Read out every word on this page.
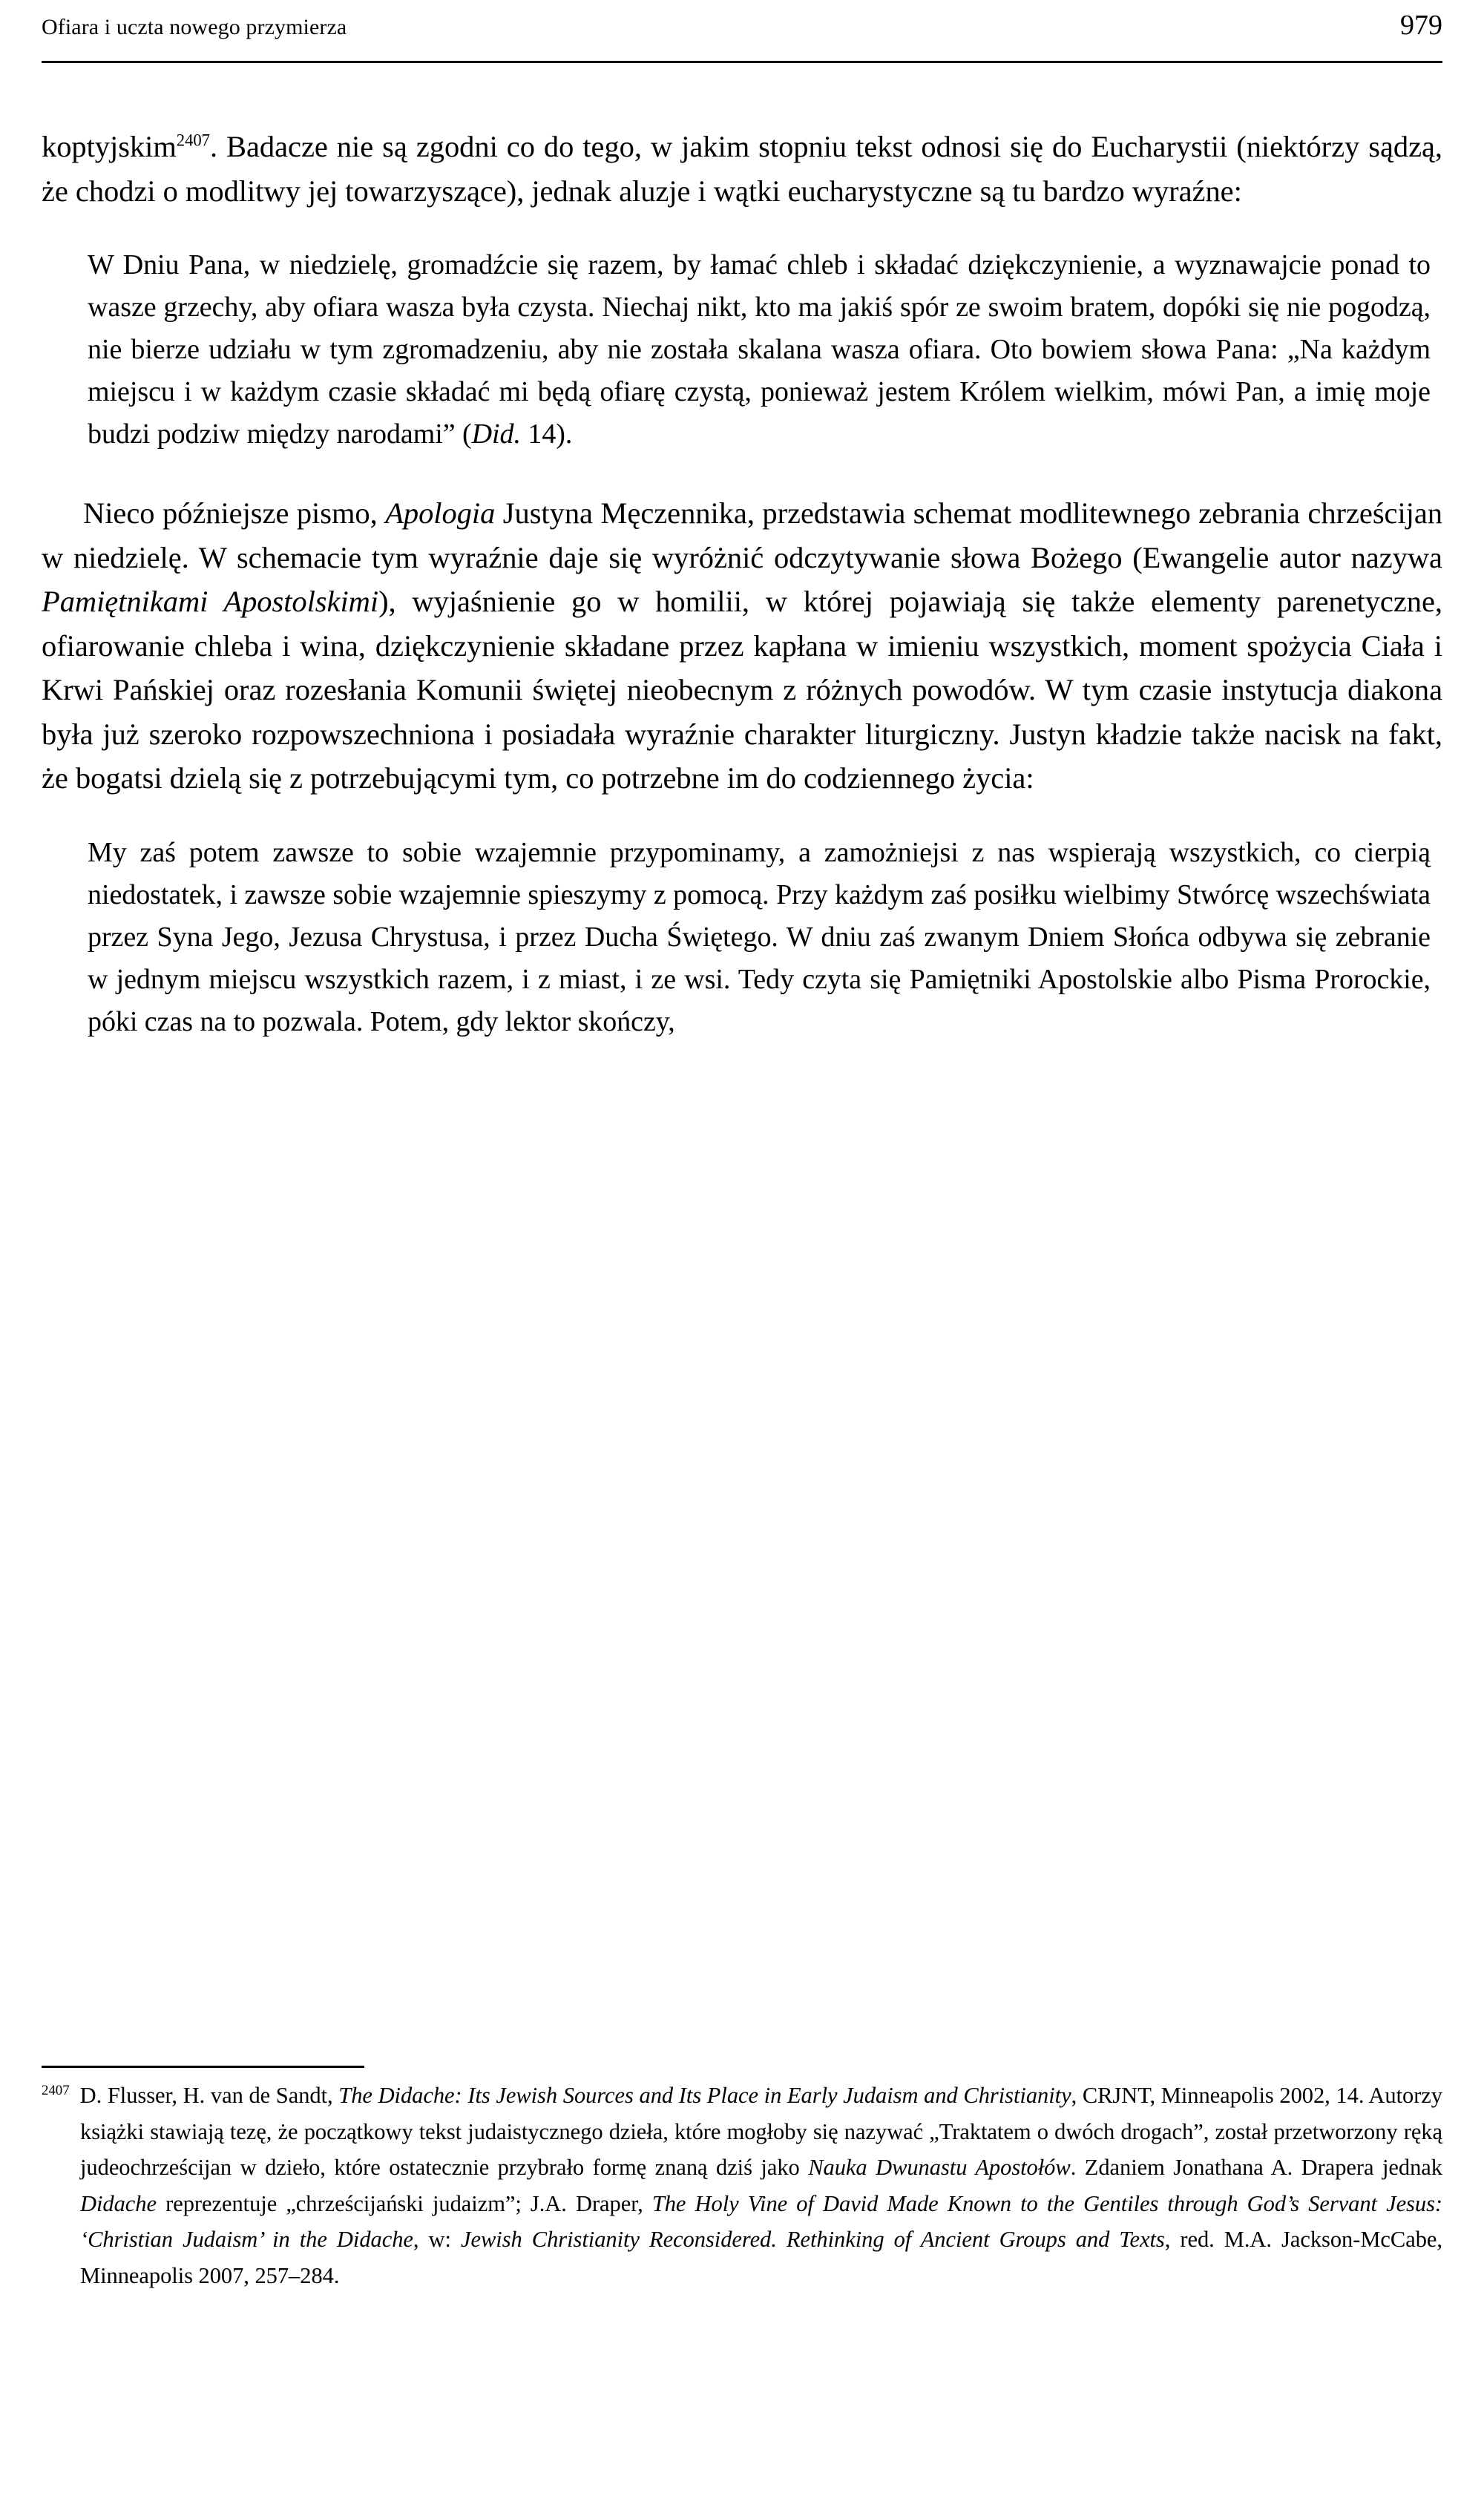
Ofiara i uczta nowego przymierza	979

koptyjskim$^{2407}$. Badacze nie są zgodni co do tego, w jakim stopniu tekst odnosi się do Eucharystii (niektórzy sądzą, że chodzi o modlitwy jej towarzyszące), jednak aluzje i wątki eucharystyczne są tu bardzo wyraźne:

W Dniu Pana, w niedzielę, gromadźcie się razem, by łamać chleb i składać dziękczynienie, a wyznawajcie ponad to wasze grzechy, aby ofiara wasza była czysta. Niechaj nikt, kto ma jakiś spór ze swoim bratem, dopóki się nie pogodzą, nie bierze udziału w tym zgromadzeniu, aby nie została skalana wasza ofiara. Oto bowiem słowa Pana: „Na każdym miejscu i w każdym czasie składać mi będą ofiarę czystą, ponieważ jestem Królem wielkim, mówi Pan, a imię moje budzi podziw między narodami” (Did. 14).

Nieco późniejsze pismo, Apologia Justyna Męczennika, przedstawia schemat modlitewnego zebrania chrześcijan w niedzielę. W schemacie tym wyraźnie daje się wyróżnić odczytywanie słowa Bożego (Ewangelie autor nazywa Pamiętnikami Apostolskimi), wyjaśnienie go w homilii, w której pojawiają się także elementy parenetyczne, ofiarowanie chleba i wina, dziękczynienie składane przez kapłana w imieniu wszystkich, moment spożycia Ciała i Krwi Pańskiej oraz rozesłania Komunii świętej nieobecnym z różnych powodów. W tym czasie instytucja diakona była już szeroko rozpowszechniona i posiadała wyraźnie charakter liturgiczny. Justyn kładzie także nacisk na fakt, że bogatsi dzielą się z potrzebującymi tym, co potrzebne im do codziennego życia:

My zaś potem zawsze to sobie wzajemnie przypominamy, a zamożniejsi z nas wspierają wszystkich, co cierpią niedostatek, i zawsze sobie wzajemnie spieszymy z pomocą. Przy każdym zaś posiłku wielbimy Stwórcę wszechświata przez Syna Jego, Jezusa Chrystusa, i przez Ducha Świętego. W dniu zaś zwanym Dniem Słońca odbywa się zebranie w jednym miejscu wszystkich razem, i z miast, i ze wsi. Tedy czyta się Pamiętniki Apostolskie albo Pisma Prorockie, póki czas na to pozwala. Potem, gdy lektor skończy,

$^{2407}$ D. Flusser, H. van de Sandt, The Didache: Its Jewish Sources and Its Place in Early Judaism and Christianity, CRJNT, Minneapolis 2002, 14. Autorzy książki stawiają tezę, że początkowy tekst judaistycznego dzieła, które mogłoby się nazywać „Traktatem o dwóch drogach”, został przetworzony ręką judeochrześcijan w dzieło, które ostatecznie przybrało formę znaną dziś jako Nauka Dwunastu Apostołów. Zdaniem Jonathana A. Drapera jednak Didache reprezentuje „chrześcijański judaizm”; J.A. Draper, The Holy Vine of David Made Known to the Gentiles through God’s Servant Jesus: ‘Christian Judaism’ in the Didache, w: Jewish Christianity Reconsidered. Rethinking of Ancient Groups and Texts, red. M.A. Jackson-McCabe, Minneapolis 2007, 257–284.
